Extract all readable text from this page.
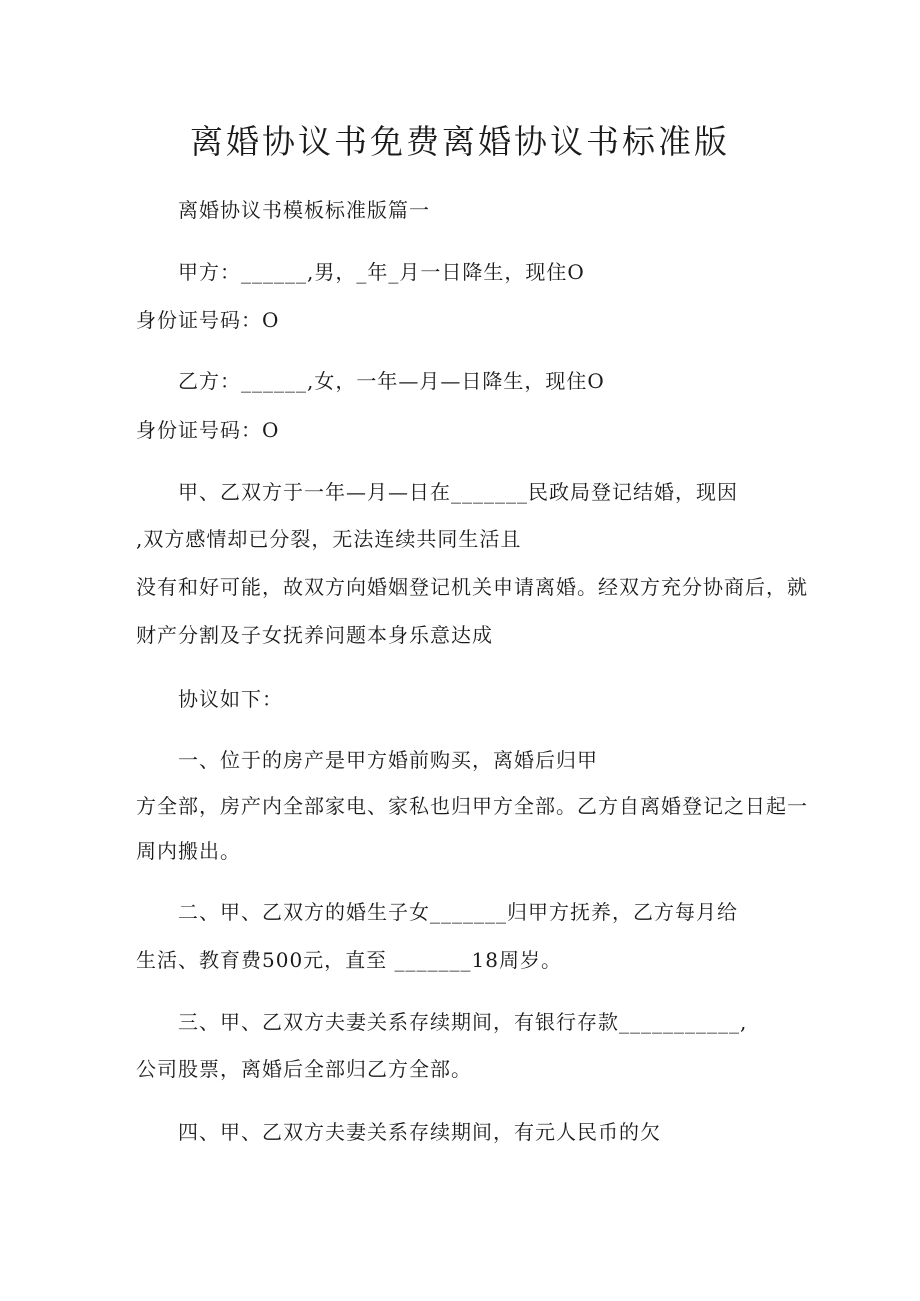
离婚协议书免费离婚协议书标准版
离婚协议书模板标准版篇一
甲方：______,男，_年_月一日降生，现住O
身份证号码：O
乙方：______,女，一年—月—日降生，现住O
身份证号码：O
甲、乙双方于一年—月—日在_______民政局登记结婚，现因
,双方感情却已分裂，无法连续共同生活且
没有和好可能，故双方向婚姻登记机关申请离婚。经双方充分协商后，就
财产分割及子女抚养问题本身乐意达成
协议如下：
一、位于的房产是甲方婚前购买，离婚后归甲
方全部，房产内全部家电、家私也归甲方全部。乙方自离婚登记之日起一
周内搬出。
二、甲、乙双方的婚生子女_______归甲方抚养，乙方每月给
生活、教育费500元，直至 _______18周岁。
三、甲、乙双方夫妻关系存续期间，有银行存款___________,
公司股票，离婚后全部归乙方全部。
四、甲、乙双方夫妻关系存续期间，有元人民币的欠
